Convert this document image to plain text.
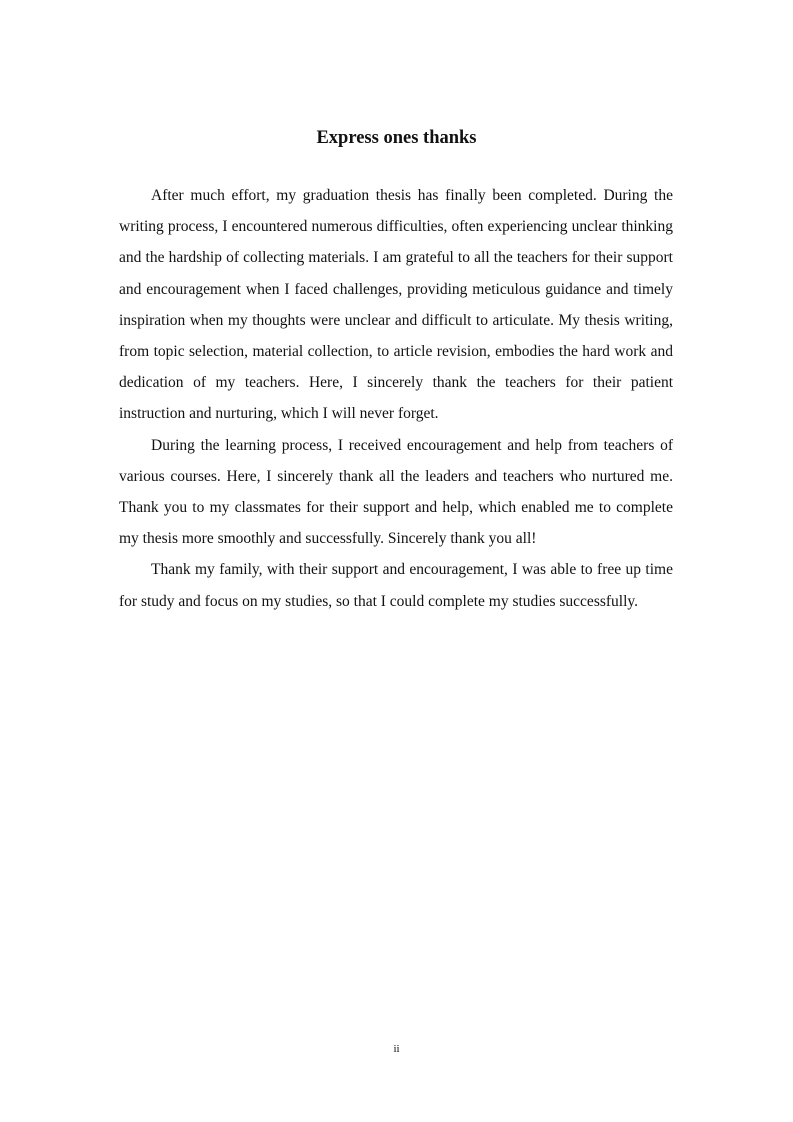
Express ones thanks

After much effort, my graduation thesis has finally been completed. During the writing process, I encountered numerous difficulties, often experiencing unclear thinking and the hardship of collecting materials. I am grateful to all the teachers for their support and encouragement when I faced challenges, providing meticulous guidance and timely inspiration when my thoughts were unclear and difficult to articulate. My thesis writing, from topic selection, material collection, to article revision, embodies the hard work and dedication of my teachers. Here, I sincerely thank the teachers for their patient instruction and nurturing, which I will never forget.

During the learning process, I received encouragement and help from teachers of various courses. Here, I sincerely thank all the leaders and teachers who nurtured me. Thank you to my classmates for their support and help, which enabled me to complete my thesis more smoothly and successfully. Sincerely thank you all!

Thank my family, with their support and encouragement, I was able to free up time for study and focus on my studies, so that I could complete my studies successfully.

ii
